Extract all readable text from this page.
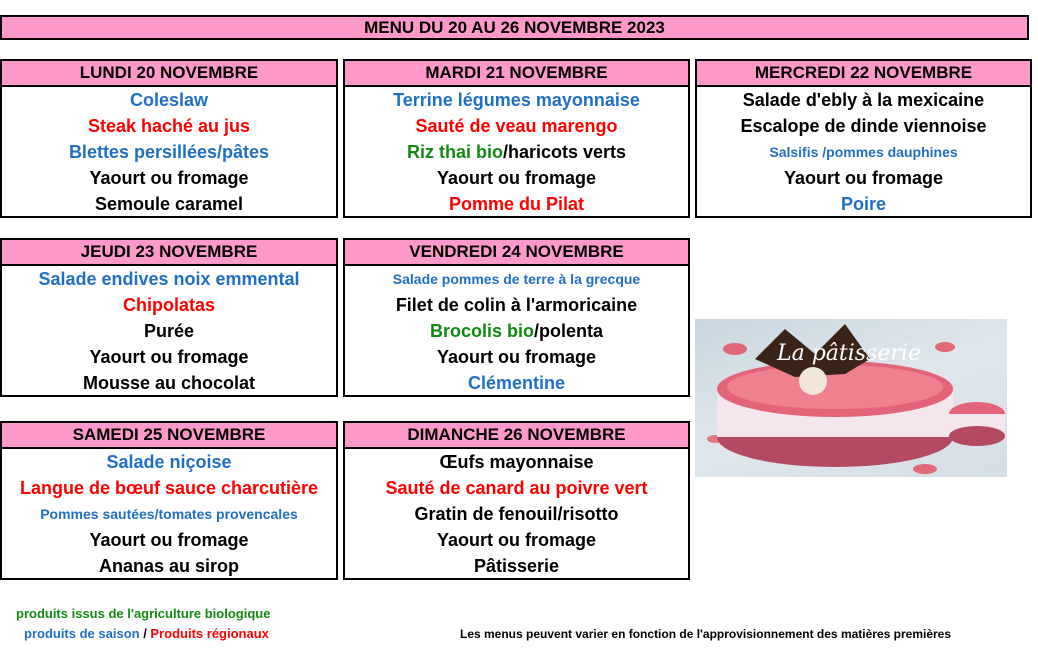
MENU DU 20 AU 26 NOVEMBRE 2023
LUNDI 20 NOVEMBRE
Coleslaw
Steak haché au jus
Blettes persillées/pâtes
Yaourt ou fromage
Semoule caramel
MARDI 21 NOVEMBRE
Terrine légumes mayonnaise
Sauté de veau marengo
Riz thai bio/haricots verts
Yaourt ou fromage
Pomme du Pilat
MERCREDI 22 NOVEMBRE
Salade d'ebly à la mexicaine
Escalope de dinde viennoise
Salsifis /pommes dauphines
Yaourt ou fromage
Poire
JEUDI 23 NOVEMBRE
Salade endives noix emmental
Chipolatas
Purée
Yaourt ou fromage
Mousse au chocolat
VENDREDI 24 NOVEMBRE
Salade pommes de terre à la grecque
Filet de colin à l'armoricaine
Brocolis bio/polenta
Yaourt ou fromage
Clémentine
SAMEDI 25 NOVEMBRE
Salade niçoise
Langue de bœuf sauce charcutière
Pommes sautées/tomates provencales
Yaourt ou fromage
Ananas au sirop
DIMANCHE 26 NOVEMBRE
Œufs mayonnaise
Sauté de canard au poivre vert
Gratin de fenouil/risotto
Yaourt ou fromage
Pâtisserie
La pâtisserie
produits issus de l'agriculture biologique
produits de saison / Produits régionaux	Les menus peuvent varier en fonction de l'approvisionnement des matières premières
